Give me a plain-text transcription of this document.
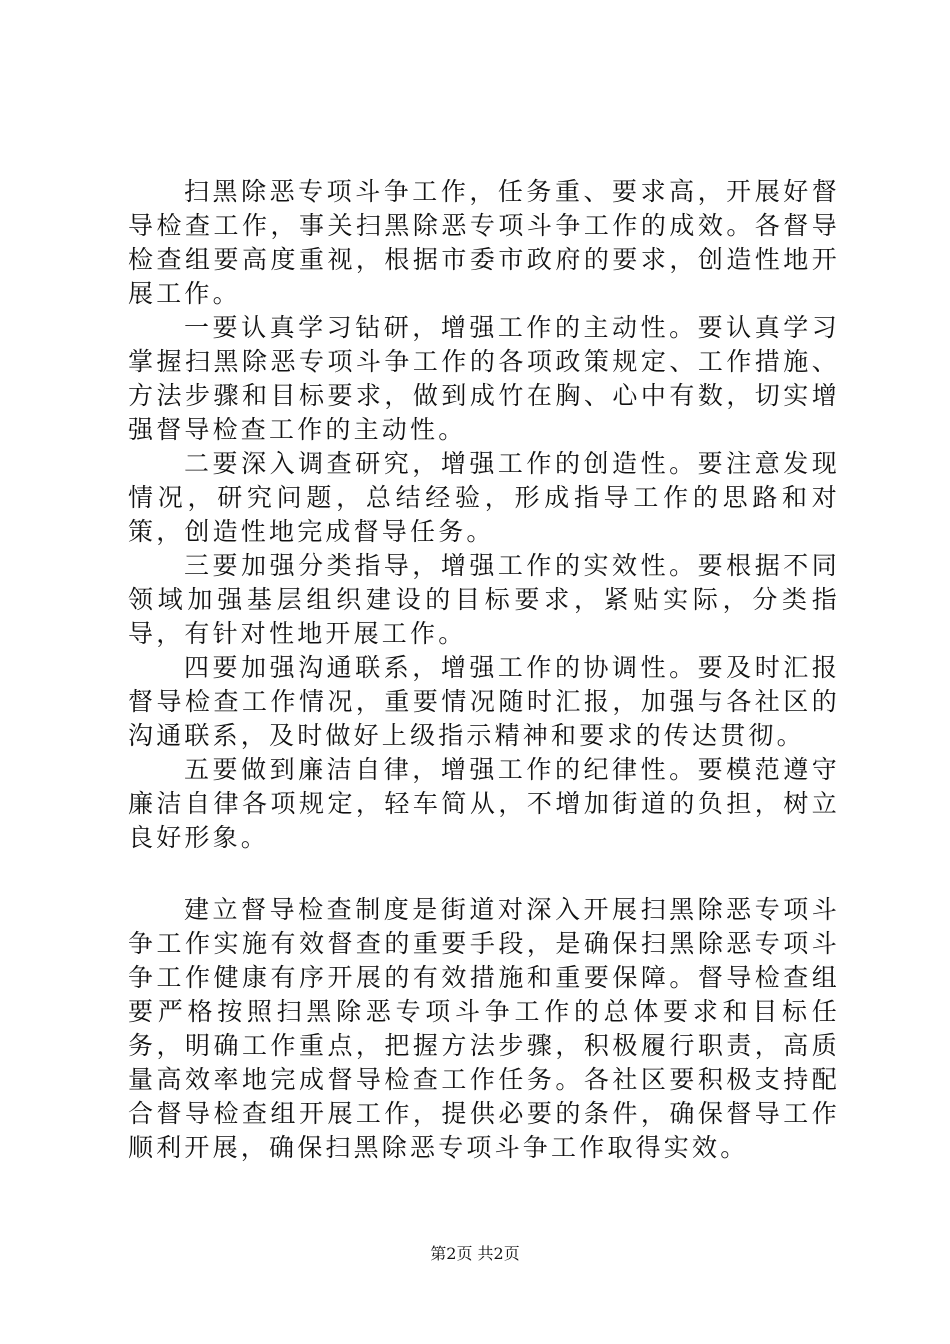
扫黑除恶专项斗争工作，任务重、要求高，开展好督导检查工作，事关扫黑除恶专项斗争工作的成效。各督导检查组要高度重视，根据市委市政府的要求，创造性地开展工作。

一要认真学习钻研，增强工作的主动性。要认真学习掌握扫黑除恶专项斗争工作的各项政策规定、工作措施、方法步骤和目标要求，做到成竹在胸、心中有数，切实增强督导检查工作的主动性。

二要深入调查研究，增强工作的创造性。要注意发现情况，研究问题，总结经验，形成指导工作的思路和对策，创造性地完成督导任务。

三要加强分类指导，增强工作的实效性。要根据不同领域加强基层组织建设的目标要求，紧贴实际，分类指导，有针对性地开展工作。

四要加强沟通联系，增强工作的协调性。要及时汇报督导检查工作情况，重要情况随时汇报，加强与各社区的沟通联系，及时做好上级指示精神和要求的传达贯彻。

五要做到廉洁自律，增强工作的纪律性。要模范遵守廉洁自律各项规定，轻车简从，不增加街道的负担，树立良好形象。

建立督导检查制度是街道对深入开展扫黑除恶专项斗争工作实施有效督查的重要手段，是确保扫黑除恶专项斗争工作健康有序开展的有效措施和重要保障。督导检查组要严格按照扫黑除恶专项斗争工作的总体要求和目标任务，明确工作重点，把握方法步骤，积极履行职责，高质量高效率地完成督导检查工作任务。各社区要积极支持配合督导检查组开展工作，提供必要的条件，确保督导工作顺利开展，确保扫黑除恶专项斗争工作取得实效。

第2页 共2页
